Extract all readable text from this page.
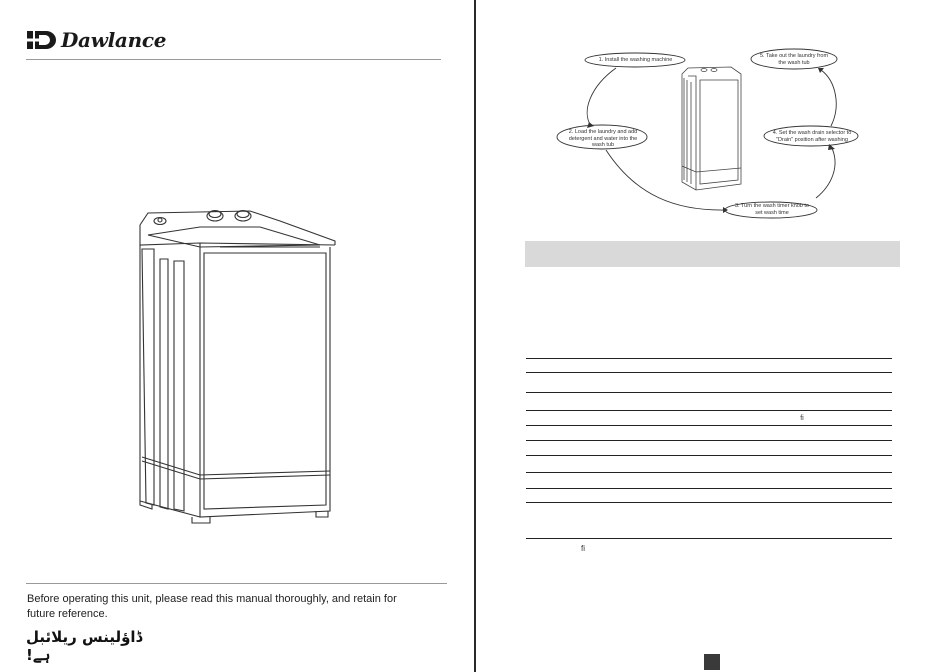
Dawlance
Before operating this unit, please read this manual thoroughly, and retain for future reference.
ڈاؤلینس ریلائبل ہے!
1. Install the washing machine
2. Load the laundry and add detergent and water into the wash tub
3. Turn the wash timer knob to set wash time
4. Set the wash drain selector to "Drain" position after washing
5. Take out the laundry from the wash tub

	ﬁ

ﬁ
